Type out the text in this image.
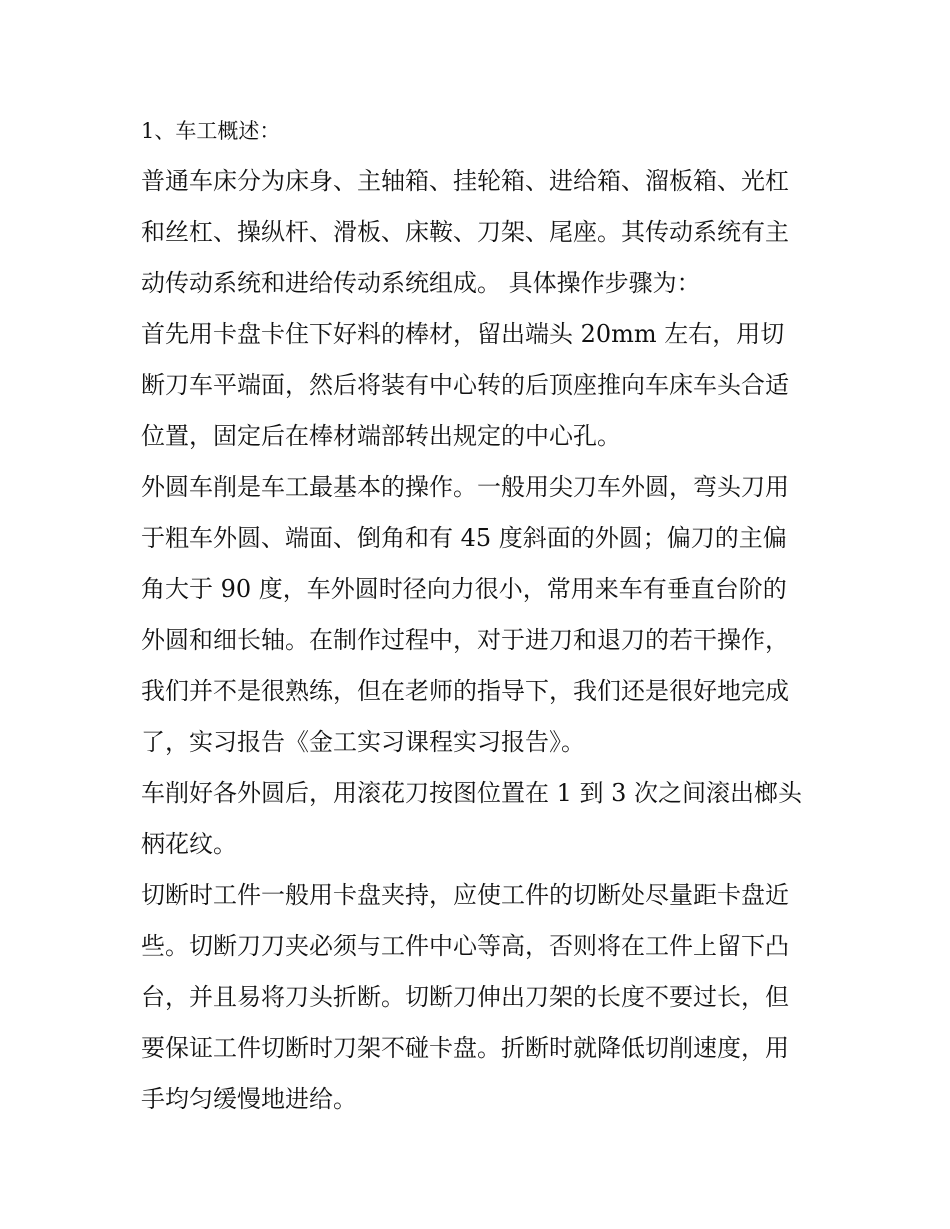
1、车工概述：

普通车床分为床身、主轴箱、挂轮箱、进给箱、溜板箱、光杠

和丝杠、操纵杆、滑板、床鞍、刀架、尾座。其传动系统有主

动传动系统和进给传动系统组成。 具体操作步骤为：

首先用卡盘卡住下好料的棒材，留出端头 20mm 左右，用切

断刀车平端面，然后将装有中心转的后顶座推向车床车头合适

位置，固定后在棒材端部转出规定的中心孔。

外圆车削是车工最基本的操作。一般用尖刀车外圆，弯头刀用

于粗车外圆、端面、倒角和有 45 度斜面的外圆；偏刀的主偏

角大于 90 度，车外圆时径向力很小，常用来车有垂直台阶的

外圆和细长轴。在制作过程中，对于进刀和退刀的若干操作，

我们并不是很熟练，但在老师的指导下，我们还是很好地完成

了，实习报告《金工实习课程实习报告》。

车削好各外圆后，用滚花刀按图位置在 1 到 3 次之间滚出榔头

柄花纹。

切断时工件一般用卡盘夹持，应使工件的切断处尽量距卡盘近

些。切断刀刀夹必须与工件中心等高，否则将在工件上留下凸

台，并且易将刀头折断。切断刀伸出刀架的长度不要过长，但

要保证工件切断时刀架不碰卡盘。折断时就降低切削速度，用

手均匀缓慢地进给。
